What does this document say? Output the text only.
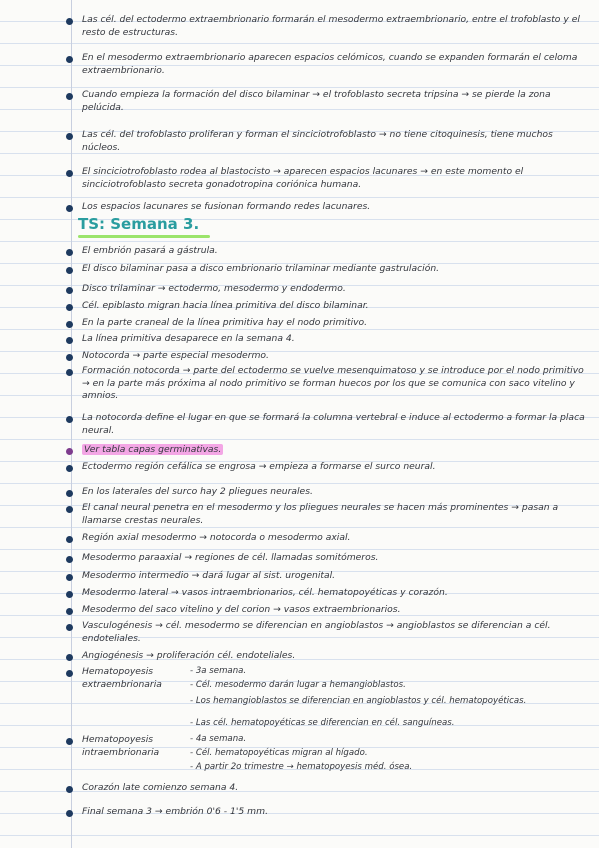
Las cél. del ectodermo extraembrionario formarán el mesodermo extraembrionario, entre el trofoblasto y el resto de estructuras.
En el mesodermo extraembrionario aparecen espacios celómicos, cuando se expanden formarán el celoma extraembrionario.
Cuando empieza la formación del disco bilaminar → el trofoblasto secreta tripsina → se pierde la zona pelúcida.
Las cél. del trofoblasto proliferan y forman el sinciciotrofoblasto → no tiene citoquinesis, tiene muchos núcleos.
El sinciciotrofoblasto rodea al blastocisto → aparecen espacios lacunares → en este momento el sinciciotrofoblasto secreta gonadotropina coriónica humana.
Los espacios lacunares se fusionan formando redes lacunares.
TS: Semana 3.
El embrión pasará a gástrula.
El disco bilaminar pasa a disco embrionario trilaminar mediante gastrulación.
Disco trilaminar → ectodermo, mesodermo y endodermo.
Cél. epiblasto migran hacia línea primitiva del disco bilaminar.
En la parte craneal de la línea primitiva hay el nodo primitivo.
La línea primitiva desaparece en la semana 4.
Notocorda → parte especial mesodermo.
Formación notocorda → parte del ectodermo se vuelve mesenquimatoso y se introduce por el nodo primitivo → en la parte más próxima al nodo primitivo se forman huecos por los que se comunica con saco vitelino y amnios.
La notocorda define el lugar en que se formará la columna vertebral e induce al ectodermo a formar la placa neural.
Ver tabla capas germinativas.
Ectodermo región cefálica se engrosa → empieza a formarse el surco neural.
En los laterales del surco hay 2 pliegues neurales.
El canal neural penetra en el mesodermo y los pliegues neurales se hacen más prominentes → pasan a llamarse crestas neurales.
Región axial mesodermo → notocorda o mesodermo axial.
Mesodermo paraaxial → regiones de cél. llamadas somitómeros.
Mesodermo intermedio → dará lugar al sist. urogenital.
Mesodermo lateral → vasos intraembrionarios, cél. hematopoyéticas y corazón.
Mesodermo del saco vitelino y del corion → vasos extraembrionarios.
Vasculogénesis → cél. mesodermo se diferencian en angioblastos → angioblastos se diferencian a cél. endoteliales.
Angiogénesis → proliferación cél. endoteliales.
Hematopoyesis extraembrionaria
- 3a semana.
- Cél. mesodermo darán lugar a hemangioblastos.
- Los hemangioblastos se diferencian en angioblastos y cél. hematopoyéticas.
- Las cél. hematopoyéticas se diferencian en cél. sanguíneas.
Hematopoyesis intraembrionaria
- 4a semana.
- Cél. hematopoyéticas migran al hígado.
- A partir 2o trimestre → hematopoyesis méd. ósea.
Corazón late comienzo semana 4.
Final semana 3 → embrión 0'6 - 1'5 mm.
